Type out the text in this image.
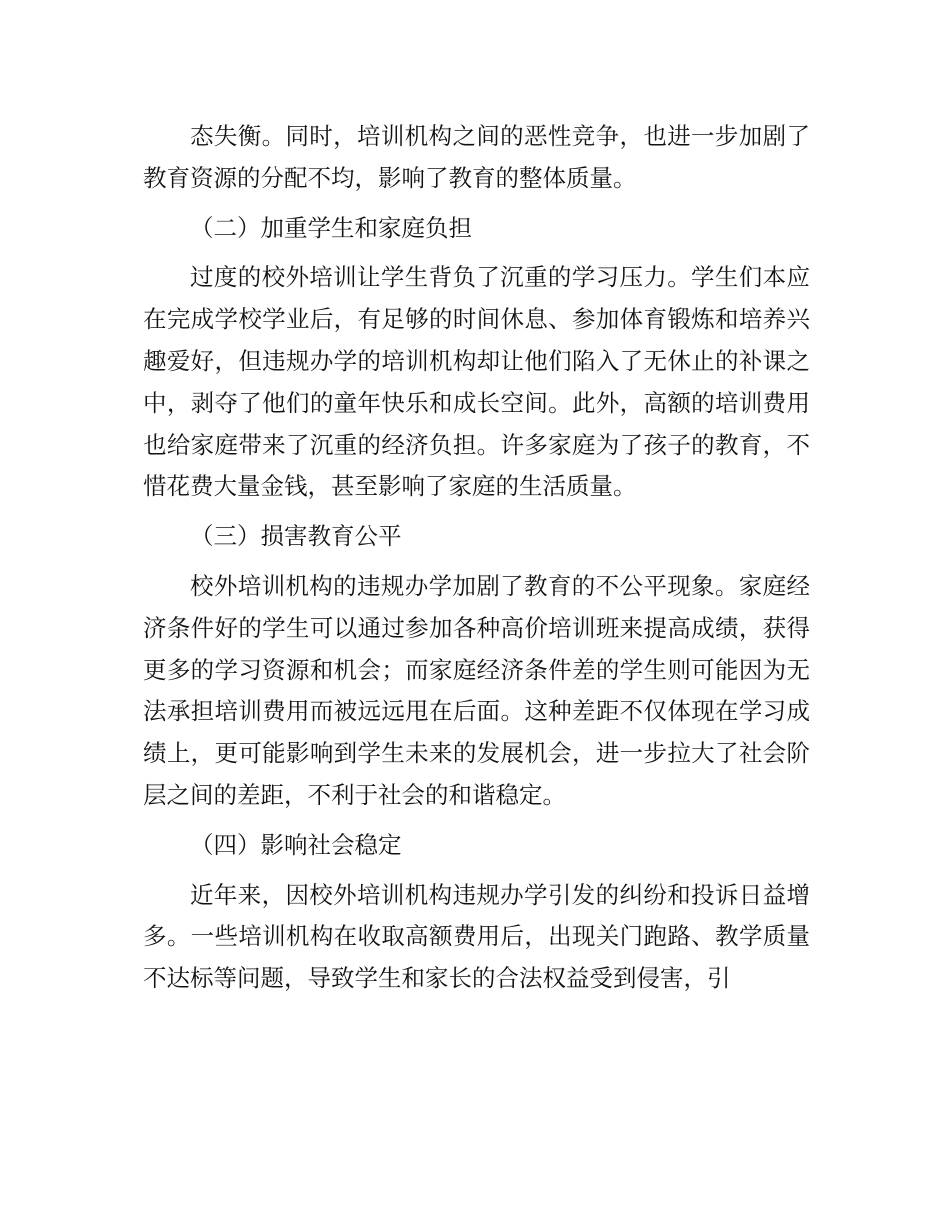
态失衡。同时，培训机构之间的恶性竞争，也进一步加剧了教育资源的分配不均，影响了教育的整体质量。

（二）加重学生和家庭负担

过度的校外培训让学生背负了沉重的学习压力。学生们本应在完成学校学业后，有足够的时间休息、参加体育锻炼和培养兴趣爱好，但违规办学的培训机构却让他们陷入了无休止的补课之中，剥夺了他们的童年快乐和成长空间。此外，高额的培训费用也给家庭带来了沉重的经济负担。许多家庭为了孩子的教育，不惜花费大量金钱，甚至影响了家庭的生活质量。

（三）损害教育公平

校外培训机构的违规办学加剧了教育的不公平现象。家庭经济条件好的学生可以通过参加各种高价培训班来提高成绩，获得更多的学习资源和机会；而家庭经济条件差的学生则可能因为无法承担培训费用而被远远甩在后面。这种差距不仅体现在学习成绩上，更可能影响到学生未来的发展机会，进一步拉大了社会阶层之间的差距，不利于社会的和谐稳定。

（四）影响社会稳定

近年来，因校外培训机构违规办学引发的纠纷和投诉日益增多。一些培训机构在收取高额费用后，出现关门跑路、教学质量不达标等问题，导致学生和家长的合法权益受到侵害，引
